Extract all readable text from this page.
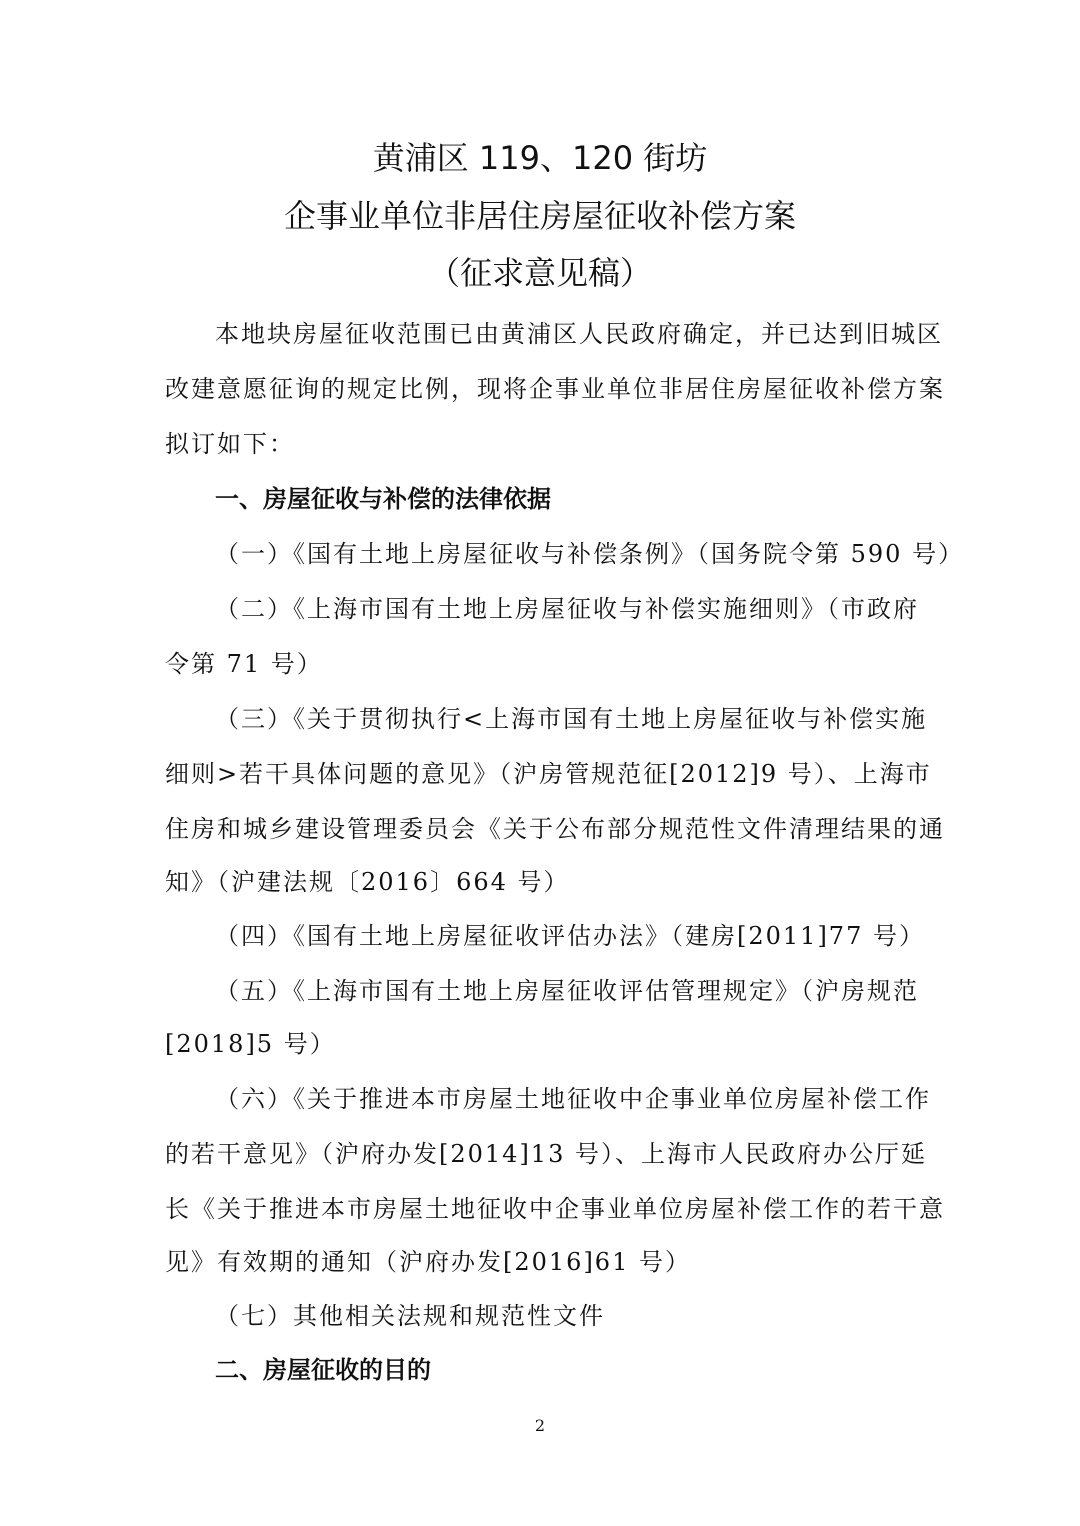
黄浦区 119、120 街坊
企事业单位非居住房屋征收补偿方案
（征求意见稿）
本地块房屋征收范围已由黄浦区人民政府确定，并已达到旧城区
改建意愿征询的规定比例，现将企事业单位非居住房屋征收补偿方案
拟订如下：
一、房屋征收与补偿的法律依据
（一）《国有土地上房屋征收与补偿条例》（国务院令第 590 号）
（二）《上海市国有土地上房屋征收与补偿实施细则》（市政府
令第 71 号）
（三）《关于贯彻执行<上海市国有土地上房屋征收与补偿实施
细则>若干具体问题的意见》（沪房管规范征[2012]9 号）、上海市
住房和城乡建设管理委员会《关于公布部分规范性文件清理结果的通
知》（沪建法规〔2016〕664 号）
（四）《国有土地上房屋征收评估办法》（建房[2011]77 号）
（五）《上海市国有土地上房屋征收评估管理规定》（沪房规范
[2018]5 号）
（六）《关于推进本市房屋土地征收中企事业单位房屋补偿工作
的若干意见》（沪府办发[2014]13 号）、上海市人民政府办公厅延
长《关于推进本市房屋土地征收中企事业单位房屋补偿工作的若干意
见》有效期的通知（沪府办发[2016]61 号）
（七）其他相关法规和规范性文件
二、房屋征收的目的
2
